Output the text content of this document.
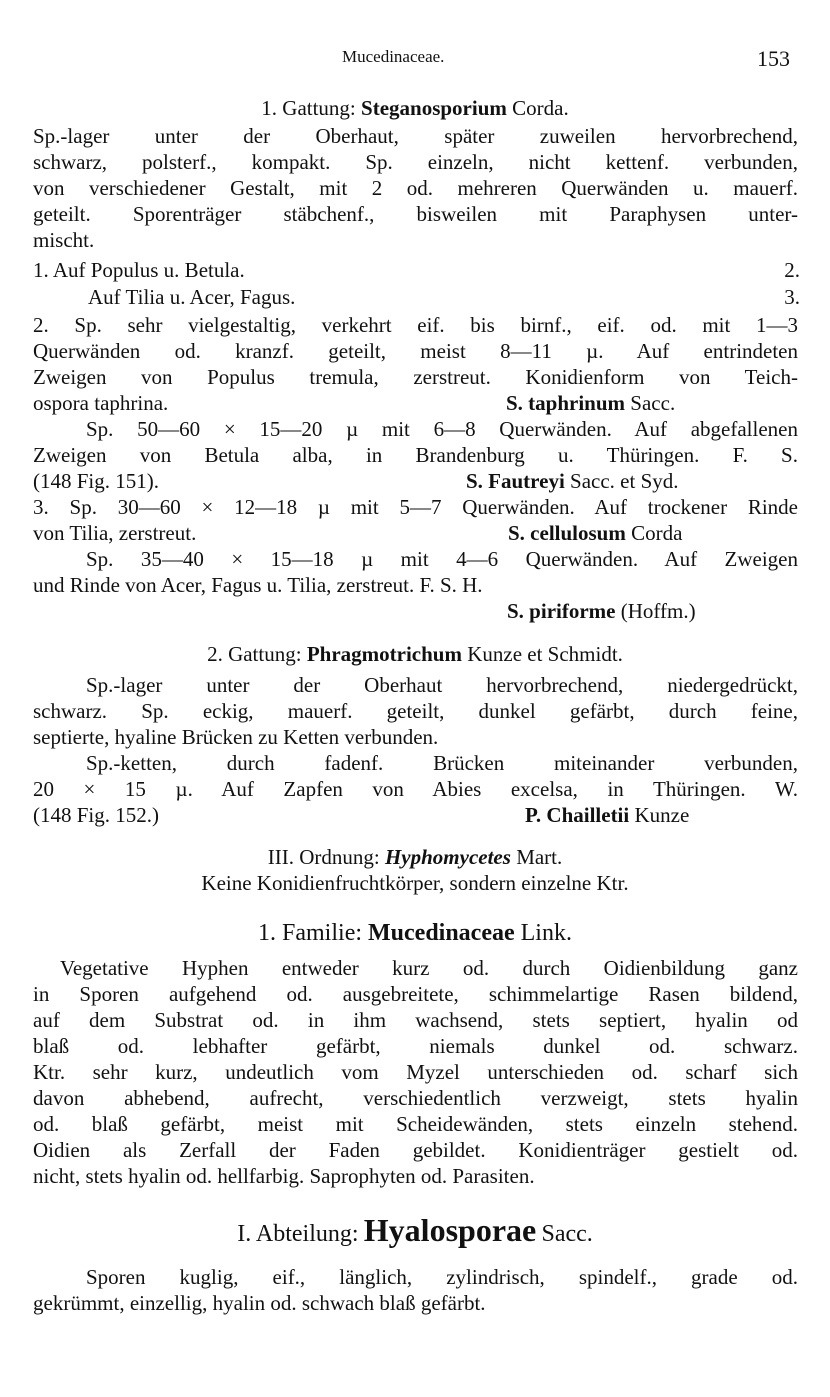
Mucedinaceae.	153
1. Gattung: Steganosporium Corda.
Sp.-lager unter der Oberhaut, später zuweilen hervorbrechend,
schwarz, polsterf., kompakt. Sp. einzeln, nicht kettenf. verbunden,
von verschiedener Gestalt, mit 2 od. mehreren Querwänden u. mauerf.
geteilt. Sporenträger stäbchenf., bisweilen mit Paraphysen unter-
mischt.
1. Auf Populus u. Betula.	2.
Auf Tilia u. Acer, Fagus.	3.
2. Sp. sehr vielgestaltig, verkehrt eif. bis birnf., eif. od. mit 1—3
Querwänden od. kranzf. geteilt, meist 8—11 µ. Auf entrindeten
Zweigen von Populus tremula, zerstreut. Konidienform von Teich-
ospora taphrina.	S. taphrinum Sacc.
Sp. 50—60 × 15—20 µ mit 6—8 Querwänden. Auf abgefallenen
Zweigen von Betula alba, in Brandenburg u. Thüringen. F. S.
(148 Fig. 151).	S. Fautreyi Sacc. et Syd.
3. Sp. 30—60 × 12—18 µ mit 5—7 Querwänden. Auf trockener Rinde
von Tilia, zerstreut.	S. cellulosum Corda
Sp. 35—40 × 15—18 µ mit 4—6 Querwänden. Auf Zweigen
und Rinde von Acer, Fagus u. Tilia, zerstreut. F. S. H.
S. piriforme (Hoffm.)
2. Gattung: Phragmotrichum Kunze et Schmidt.
Sp.-lager unter der Oberhaut hervorbrechend, niedergedrückt,
schwarz. Sp. eckig, mauerf. geteilt, dunkel gefärbt, durch feine,
septierte, hyaline Brücken zu Ketten verbunden.
Sp.-ketten, durch fadenf. Brücken miteinander verbunden,
20 × 15 µ. Auf Zapfen von Abies excelsa, in Thüringen. W.
(148 Fig. 152.)	P. Chailletii Kunze
III. Ordnung: Hyphomycetes Mart.
Keine Konidienfruchtkörper, sondern einzelne Ktr.
1. Familie: Mucedinaceae Link.
Vegetative Hyphen entweder kurz od. durch Oidienbildung ganz
in Sporen aufgehend od. ausgebreitete, schimmelartige Rasen bildend,
auf dem Substrat od. in ihm wachsend, stets septiert, hyalin od
blaß od. lebhafter gefärbt, niemals dunkel od. schwarz.
Ktr. sehr kurz, undeutlich vom Myzel unterschieden od. scharf sich
davon abhebend, aufrecht, verschiedentlich verzweigt, stets hyalin
od. blaß gefärbt, meist mit Scheidewänden, stets einzeln stehend.
Oidien als Zerfall der Faden gebildet. Konidienträger gestielt od.
nicht, stets hyalin od. hellfarbig. Saprophyten od. Parasiten.
I. Abteilung: Hyalosporae Sacc.
Sporen kuglig, eif., länglich, zylindrisch, spindelf., grade od.
gekrümmt, einzellig, hyalin od. schwach blaß gefärbt.
